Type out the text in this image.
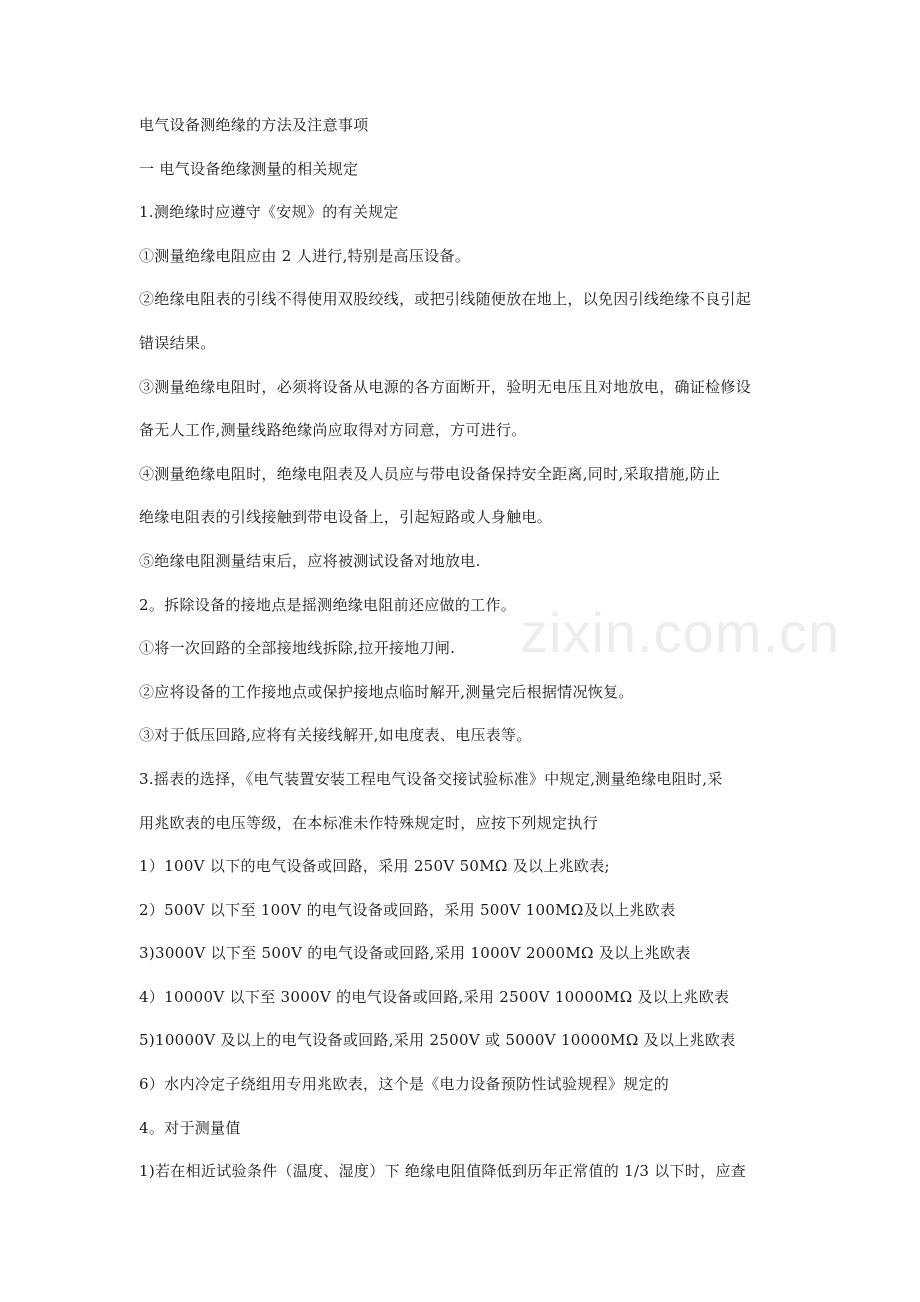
zixin.com.cn
电气设备测绝缘的方法及注意事项
一 电气设备绝缘测量的相关规定
1.测绝缘时应遵守《安规》的有关规定
①测量绝缘电阻应由 2 人进行,特别是高压设备。
②绝缘电阻表的引线不得使用双股绞线，或把引线随便放在地上，以免因引线绝缘不良引起
错误结果。
③测量绝缘电阻时，必须将设备从电源的各方面断开，验明无电压且对地放电，确证检修设
备无人工作,测量线路绝缘尚应取得对方同意，方可进行。
④测量绝缘电阻时，绝缘电阻表及人员应与带电设备保持安全距离,同时,采取措施,防止
绝缘电阻表的引线接触到带电设备上，引起短路或人身触电。
⑤绝缘电阻测量结束后，应将被测试设备对地放电.
2。拆除设备的接地点是摇测绝缘电阻前还应做的工作。
①将一次回路的全部接地线拆除,拉开接地刀闸.
②应将设备的工作接地点或保护接地点临时解开,测量完后根据情况恢复。
③对于低压回路,应将有关接线解开,如电度表、电压表等。
3.摇表的选择，《电气装置安装工程电气设备交接试验标准》中规定,测量绝缘电阻时,采
用兆欧表的电压等级，在本标准未作特殊规定时，应按下列规定执行
1）100V 以下的电气设备或回路，采用 250V 50MΩ 及以上兆欧表;
2）500V 以下至 100V 的电气设备或回路，采用 500V 100MΩ及以上兆欧表
3)3000V 以下至 500V 的电气设备或回路,采用 1000V 2000MΩ 及以上兆欧表
4）10000V 以下至 3000V 的电气设备或回路,采用 2500V 10000MΩ 及以上兆欧表
5)10000V 及以上的电气设备或回路,采用 2500V 或 5000V 10000MΩ 及以上兆欧表
6）水内冷定子绕组用专用兆欧表，这个是《电力设备预防性试验规程》规定的
4。对于测量值
1)若在相近试验条件（温度、湿度）下 绝缘电阻值降低到历年正常值的 1/3 以下时，应查
